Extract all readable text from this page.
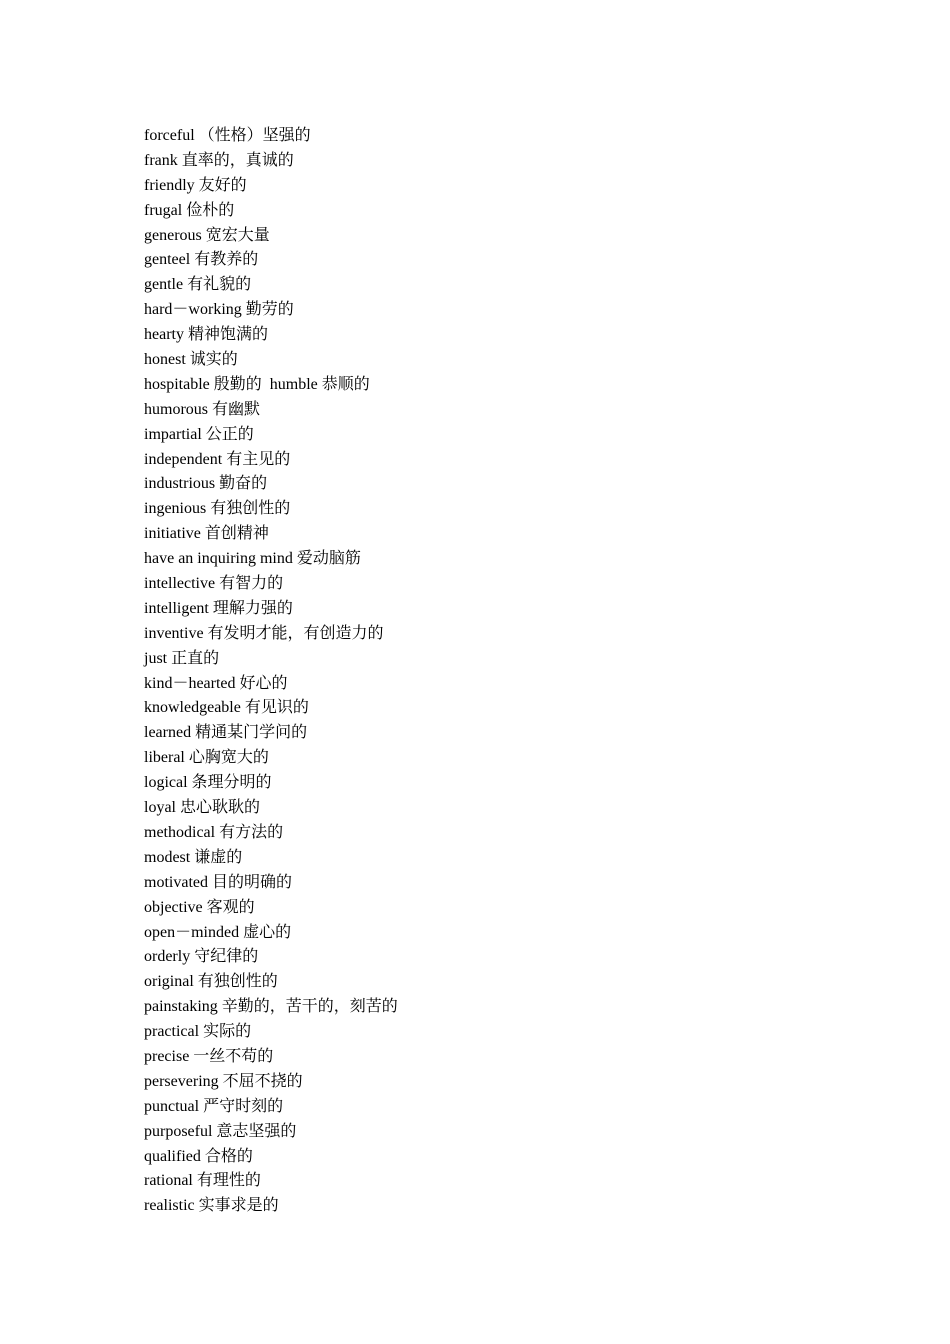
forceful （性格）坚强的
frank 直率的，真诚的
friendly 友好的
frugal 俭朴的
generous 宽宏大量
genteel 有教养的
gentle 有礼貌的
hard－working 勤劳的
hearty 精神饱满的
honest 诚实的
hospitable 殷勤的  humble 恭顺的
humorous 有幽默
impartial 公正的
independent 有主见的
industrious 勤奋的
ingenious 有独创性的
initiative 首创精神
have an inquiring mind 爱动脑筋
intellective 有智力的
intelligent 理解力强的
inventive 有发明才能，有创造力的
just 正直的
kind－hearted 好心的
knowledgeable 有见识的
learned 精通某门学问的
liberal 心胸宽大的
logical 条理分明的
loyal 忠心耿耿的
methodical 有方法的
modest 谦虚的
motivated 目的明确的
objective 客观的
open－minded 虚心的
orderly 守纪律的
original 有独创性的
painstaking 辛勤的，苦干的，刻苦的
practical 实际的
precise 一丝不苟的
persevering 不屈不挠的
punctual 严守时刻的
purposeful 意志坚强的
qualified 合格的
rational 有理性的
realistic 实事求是的
